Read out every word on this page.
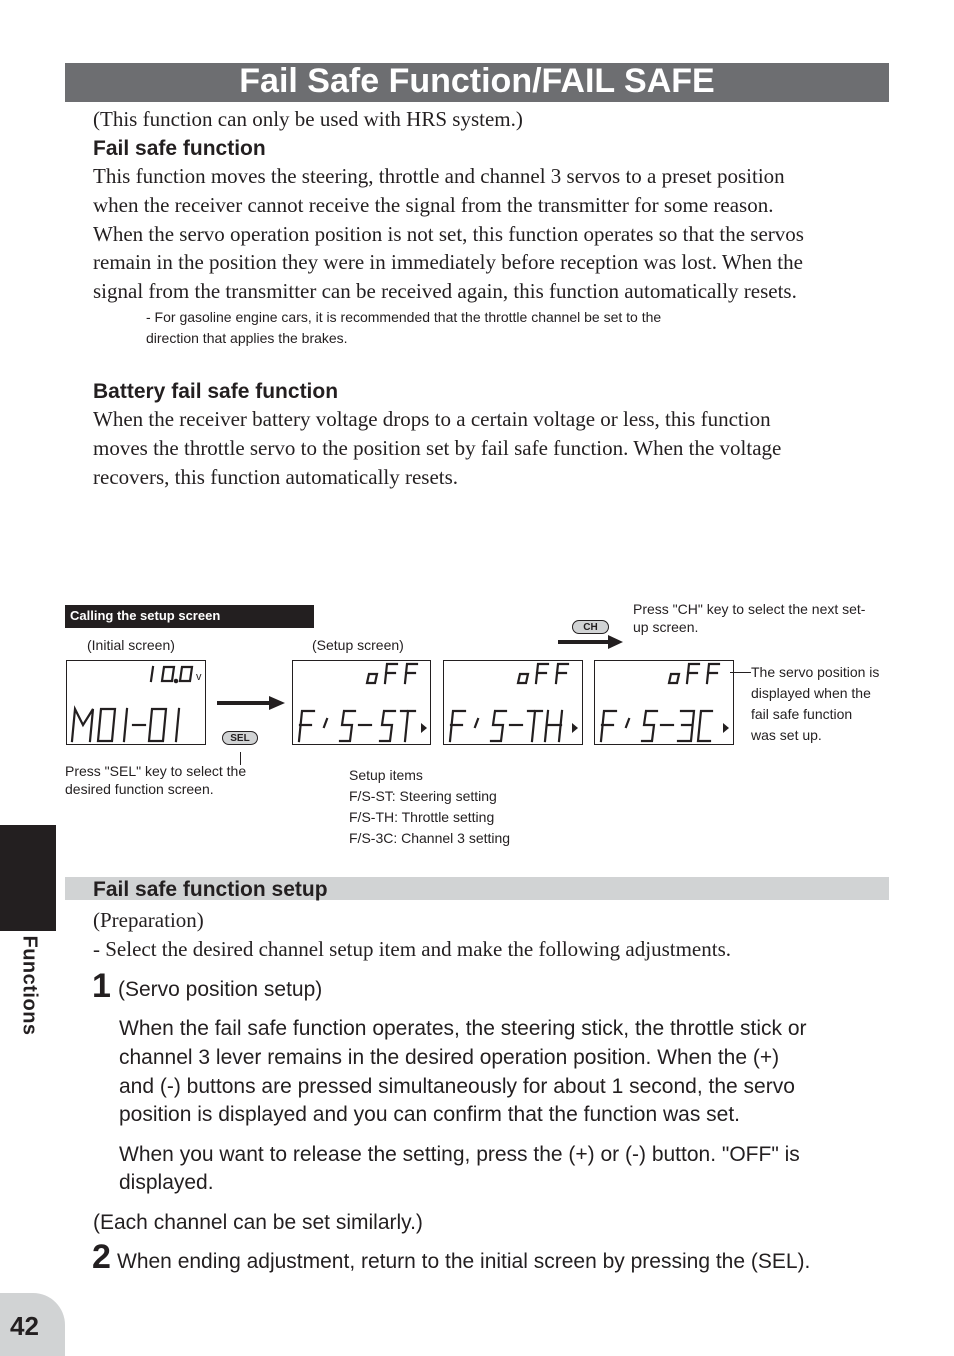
Fail Safe Function/FAIL SAFE
(This function can only be used with HRS system.)
Fail safe function
This function moves the steering, throttle and channel 3 servos to a preset position
when the receiver cannot receive the signal from the transmitter for some reason.
When the servo operation position is not set, this function operates so that the servos
remain in the position they were in immediately before reception was lost. When the
signal from the transmitter can be received again, this function automatically resets.
- For gasoline engine cars, it is recommended that the throttle channel be set to the
direction that applies the brakes.
Battery fail safe function
When the receiver battery voltage drops to a certain voltage or less, this function
moves the throttle servo to the position set by fail safe function. When the voltage
recovers, this function automatically resets.
Calling the setup screen
(Initial screen)	(Setup screen)
CH
Press "CH" key to select the next set-
up screen.
v
SEL
The servo position is
displayed when the
fail safe function
was set up.
Press "SEL" key to select the
desired function screen.
Setup items
F/S-ST: Steering setting
F/S-TH: Throttle setting
F/S-3C: Channel 3 setting
Fail safe function setup
(Preparation)
- Select the desired channel setup item and make the following adjustments.
1 (Servo position setup)
When the fail safe function operates, the steering stick, the throttle stick or
channel 3 lever remains in the desired operation position. When the (+)
and (-) buttons are pressed simultaneously for about 1 second, the servo
position is displayed and you can confirm that the function was set.
When you want to release the setting, press the (+) or (-) button. "OFF" is
displayed.
(Each channel can be set similarly.)
2 When ending adjustment, return to the initial screen by pressing the (SEL).
Functions
42
